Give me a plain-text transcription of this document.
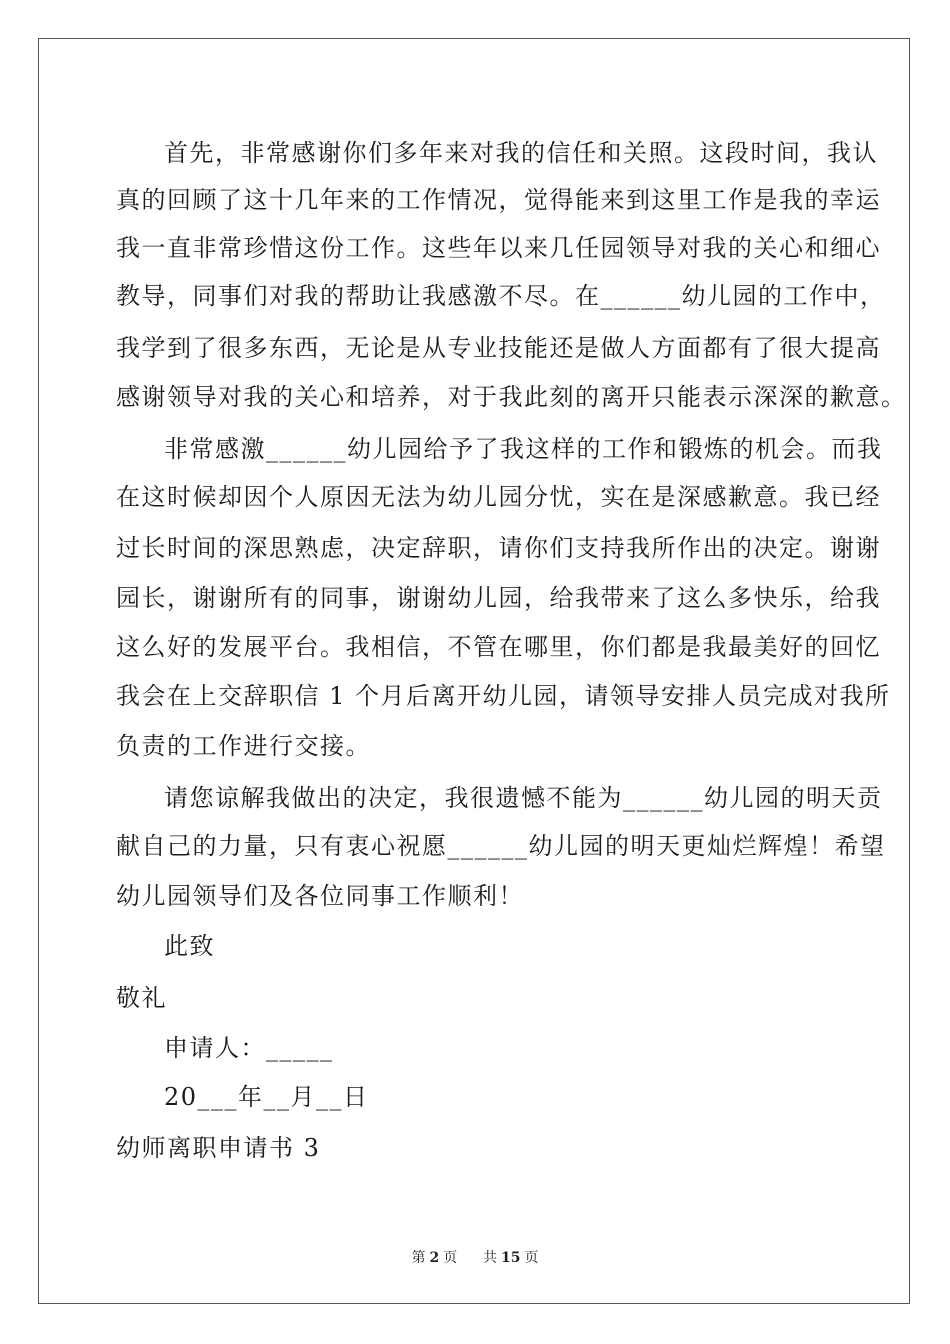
首先，非常感谢你们多年来对我的信任和关照。这段时间，我认
真的回顾了这十几年来的工作情况，觉得能来到这里工作是我的幸运
我一直非常珍惜这份工作。这些年以来几任园领导对我的关心和细心
教导，同事们对我的帮助让我感激不尽。在______幼儿园的工作中，
我学到了很多东西，无论是从专业技能还是做人方面都有了很大提高
感谢领导对我的关心和培养，对于我此刻的离开只能表示深深的歉意。
非常感激______幼儿园给予了我这样的工作和锻炼的机会。而我
在这时候却因个人原因无法为幼儿园分忧，实在是深感歉意。我已经
过长时间的深思熟虑，决定辞职，请你们支持我所作出的决定。谢谢
园长，谢谢所有的同事，谢谢幼儿园，给我带来了这么多快乐，给我
这么好的发展平台。我相信，不管在哪里，你们都是我最美好的回忆
我会在上交辞职信 1 个月后离开幼儿园，请领导安排人员完成对我所
负责的工作进行交接。
请您谅解我做出的决定，我很遗憾不能为______幼儿园的明天贡
献自己的力量，只有衷心祝愿______幼儿园的明天更灿烂辉煌！希望
幼儿园领导们及各位同事工作顺利！
此致
敬礼
申请人：_____
20___年__月__日
幼师离职申请书 3
第 2 页 共 15 页
